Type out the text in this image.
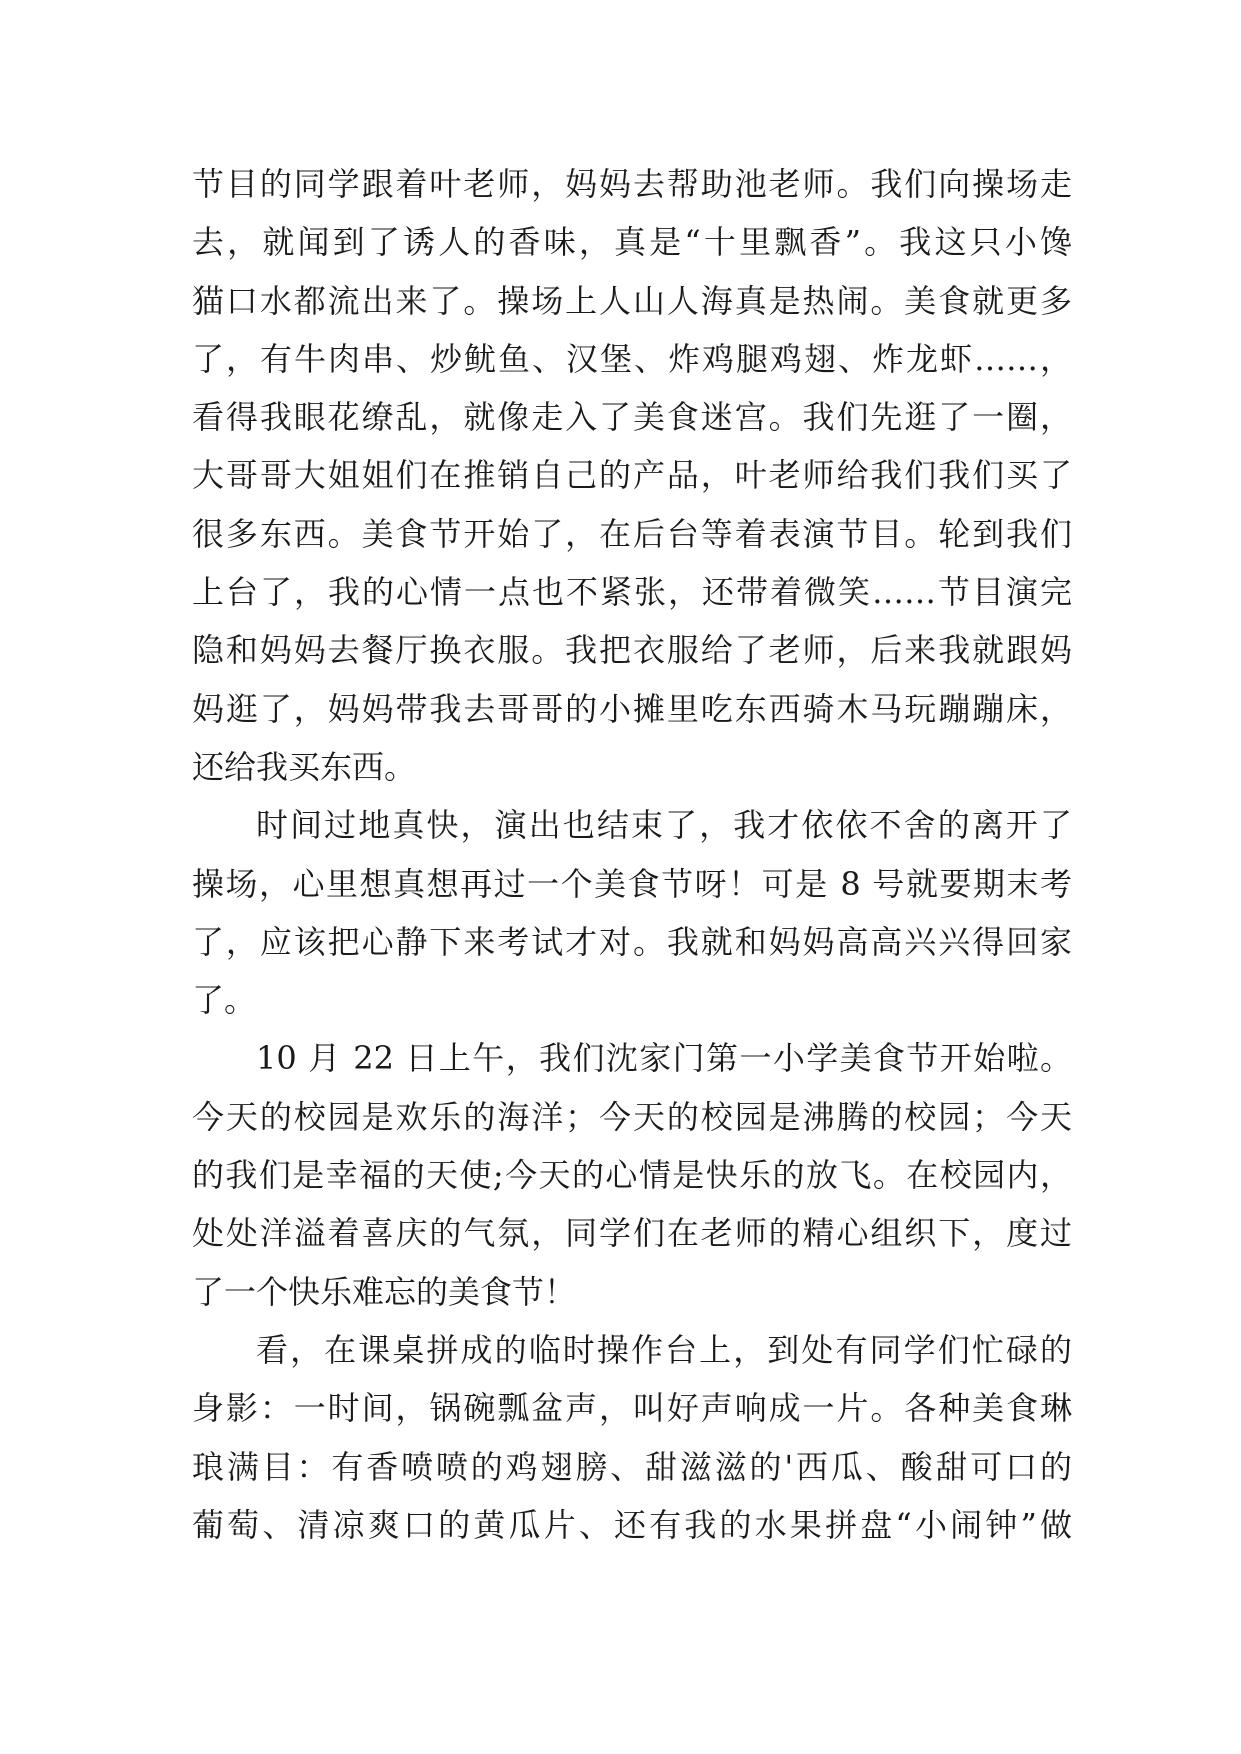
节目的同学跟着叶老师，妈妈去帮助池老师。我们向操场走
去，就闻到了诱人的香味，真是“十里飘香”。我这只小馋
猫口水都流出来了。操场上人山人海真是热闹。美食就更多
了，有牛肉串、炒鱿鱼、汉堡、炸鸡腿鸡翅、炸龙虾……，
看得我眼花缭乱，就像走入了美食迷宫。我们先逛了一圈，
大哥哥大姐姐们在推销自己的产品，叶老师给我们我们买了
很多东西。美食节开始了，在后台等着表演节目。轮到我们
上台了，我的心情一点也不紧张，还带着微笑……节目演完
隐和妈妈去餐厅换衣服。我把衣服给了老师，后来我就跟妈
妈逛了，妈妈带我去哥哥的小摊里吃东西骑木马玩蹦蹦床，
还给我买东西。
时间过地真快，演出也结束了，我才依依不舍的离开了
操场，心里想真想再过一个美食节呀！可是 8 号就要期末考
了，应该把心静下来考试才对。我就和妈妈高高兴兴得回家
了。
10 月 22 日上午，我们沈家门第一小学美食节开始啦。
今天的校园是欢乐的海洋；今天的校园是沸腾的校园；今天
的我们是幸福的天使;今天的心情是快乐的放飞。在校园内，
处处洋溢着喜庆的气氛，同学们在老师的精心组织下，度过
了一个快乐难忘的美食节！
看，在课桌拼成的临时操作台上，到处有同学们忙碌的
身影：一时间，锅碗瓢盆声，叫好声响成一片。各种美食琳
琅满目：有香喷喷的鸡翅膀、甜滋滋的'西瓜、酸甜可口的
葡萄、清凉爽口的黄瓜片、还有我的水果拼盘“小闹钟”做
